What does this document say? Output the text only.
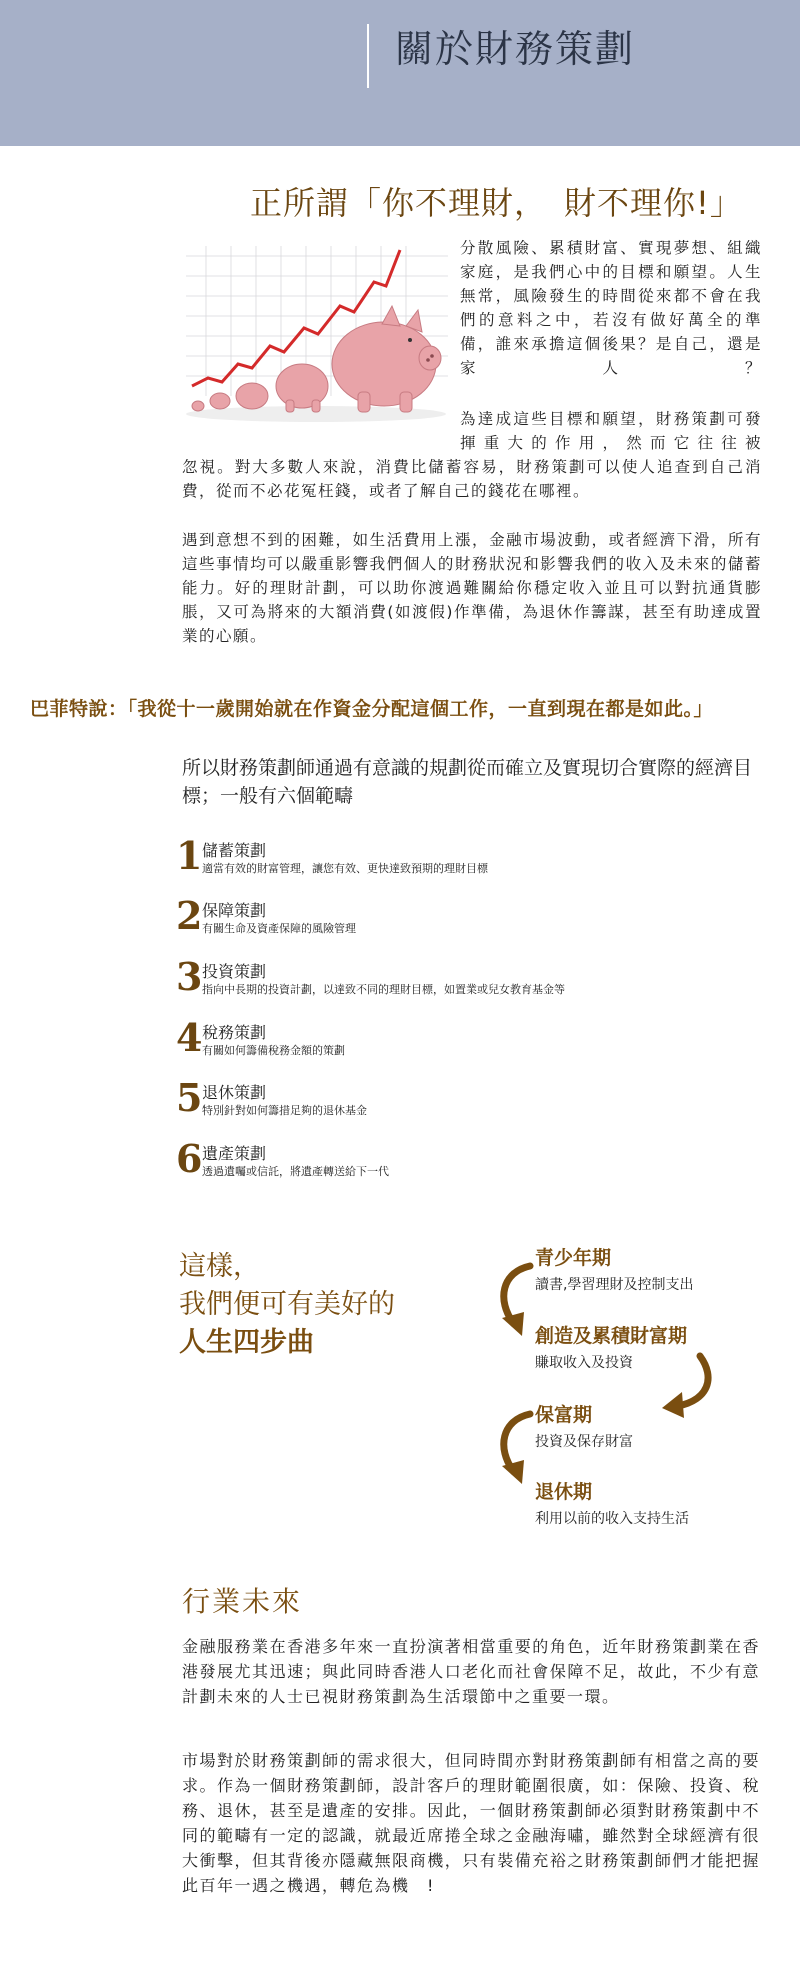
關於財務策劃
正所謂「你不理財，　財不理你!」

分散風險、累積財富、實現夢想、組織家庭，是我們心中的目標和願望。人生無常，風險發生的時間從來都不會在我們的意料之中，若沒有做好萬全的準備，誰來承擔這個後果？是自己，還是家人？

為達成這些目標和願望，財務策劃可發揮重大的作用，然而它往往被

忽視。對大多數人來說，消費比儲蓄容易，財務策劃可以使人追查到自己消費，從而不必花冤枉錢，或者了解自己的錢花在哪裡。

遇到意想不到的困難，如生活費用上漲，金融市場波動，或者經濟下滑，所有這些事情均可以嚴重影響我們個人的財務狀況和影響我們的收入及未來的儲蓄能力。好的理財計劃，可以助你渡過難關給你穩定收入並且可以對抗通貨膨脹，又可為將來的大額消費(如渡假)作準備，為退休作籌謀，甚至有助達成置業的心願。

巴菲特說：「我從十一歲開始就在作資金分配這個工作，一直到現在都是如此。」

所以財務策劃師通過有意識的規劃從而確立及實現切合實際的經濟目標；一般有六個範疇

1 儲蓄策劃
適當有效的財富管理，讓您有效、更快達致預期的理財目標
2 保障策劃
有關生命及資產保障的風險管理
3 投資策劃
指向中長期的投資計劃，以達致不同的理財目標，如置業或兒女教育基金等
4 稅務策劃
有關如何籌備稅務金額的策劃
5 退休策劃
特別針對如何籌措足夠的退休基金
6 遺產策劃
透過遺囑或信託，將遺產轉送給下一代
這樣，
我們便可有美好的
人生四步曲
青少年期
讀書,學習理財及控制支出
創造及累積財富期
賺取收入及投資
保富期
投資及保存財富
退休期
利用以前的收入支持生活
行業未來

金融服務業在香港多年來一直扮演著相當重要的角色，近年財務策劃業在香港發展尤其迅速；與此同時香港人口老化而社會保障不足，故此，不少有意計劃未來的人士已視財務策劃為生活環節中之重要一環。

市場對於財務策劃師的需求很大，但同時間亦對財務策劃師有相當之高的要求。作為一個財務策劃師，設計客戶的理財範圍很廣，如：保險、投資、稅務、退休，甚至是遺產的安排。因此，一個財務策劃師必須對財務策劃中不同的範疇有一定的認識，就最近席捲全球之金融海嘯，雖然對全球經濟有很大衝擊，但其背後亦隱藏無限商機，只有裝備充裕之財務策劃師們才能把握此百年一遇之機遇，轉危為機　!
